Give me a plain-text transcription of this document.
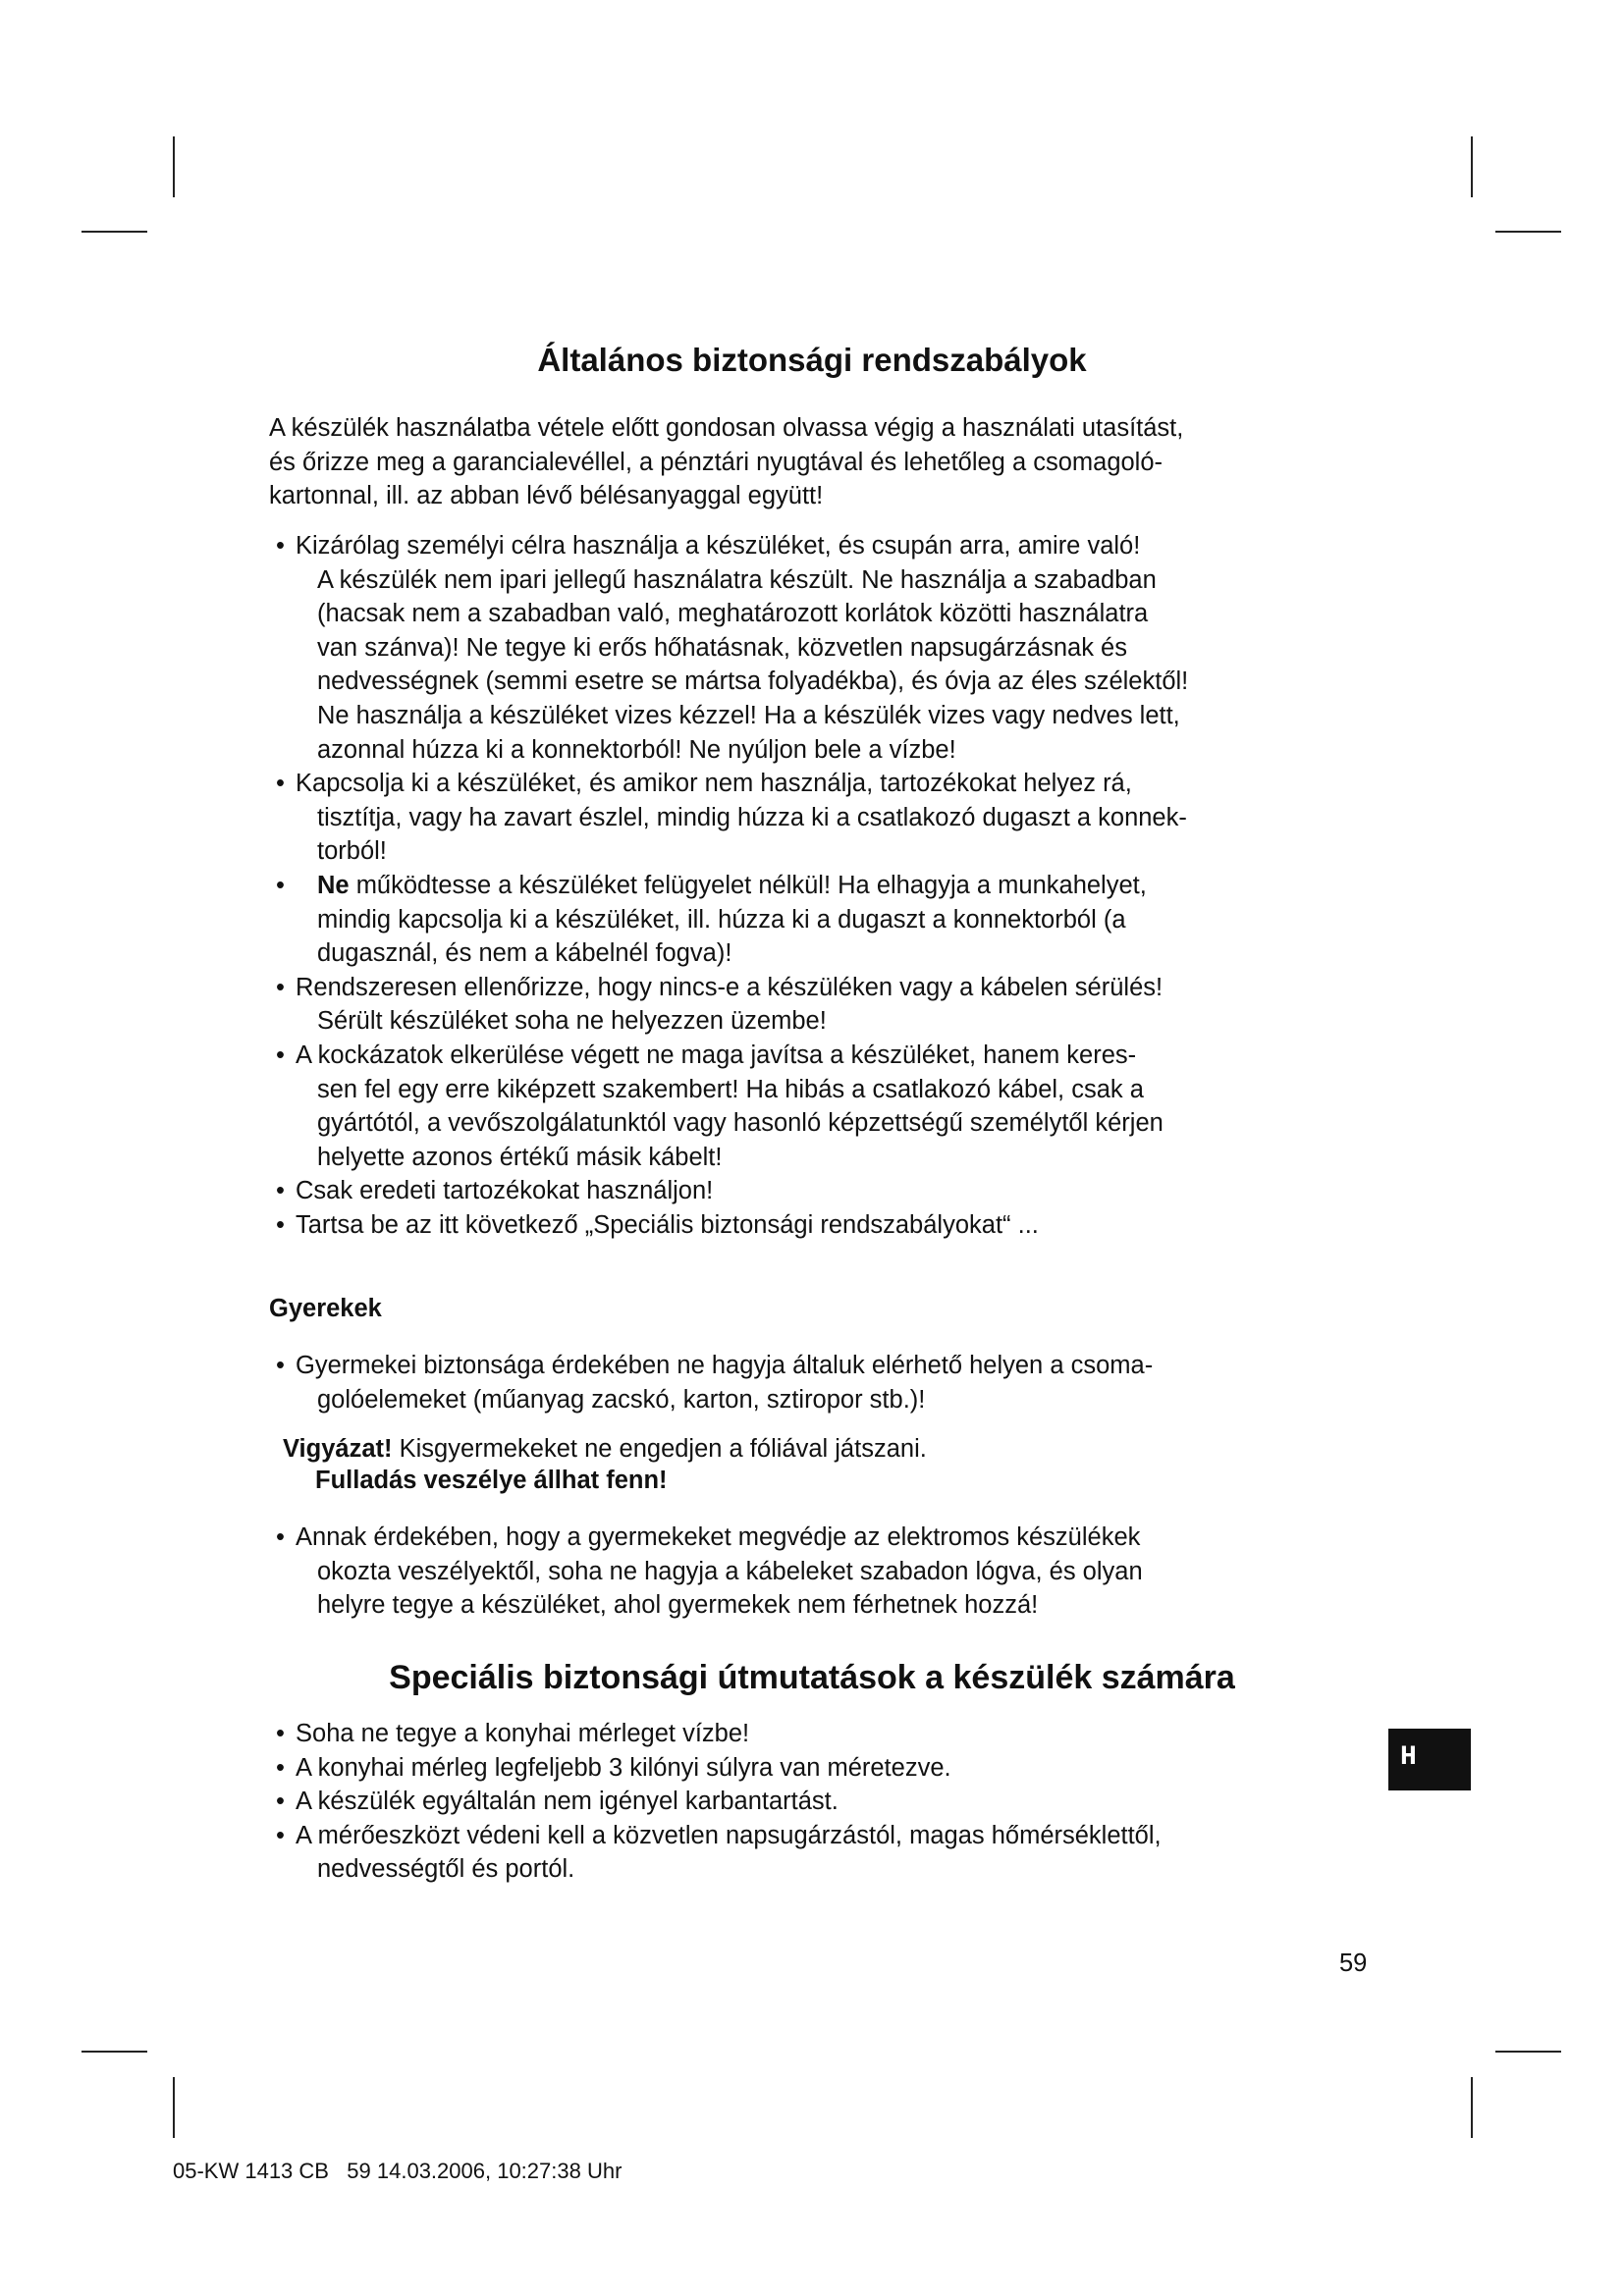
Általános biztonsági rendszabályok
A készülék használatba vétele előtt gondosan olvassa végig a használati utasítást,
és őrizze meg a garancialevéllel, a pénztári nyugtával és lehetőleg a csomagoló-
kartonnal, ill. az abban lévő bélésanyaggal együtt!
• Kizárólag személyi célra használja a készüléket, és csupán arra, amire való!
A készülék nem ipari jellegű használatra készült. Ne használja a szabadban
(hacsak nem a szabadban való, meghatározott korlátok közötti használatra
van szánva)! Ne tegye ki erős hőhatásnak, közvetlen napsugárzásnak és
nedvességnek (semmi esetre se mártsa folyadékba), és óvja az éles szélektől!
Ne használja a készüléket vizes kézzel! Ha a készülék vizes vagy nedves lett,
azonnal húzza ki a konnektorból! Ne nyúljon bele a vízbe!
• Kapcsolja ki a készüléket, és amikor nem használja, tartozékokat helyez rá,
tisztítja, vagy ha zavart észlel, mindig húzza ki a csatlakozó dugaszt a konnek-
torból!
• Ne működtesse a készüléket felügyelet nélkül! Ha elhagyja a munkahelyet,
mindig kapcsolja ki a készüléket, ill. húzza ki a dugaszt a konnektorból (a
dugasznál, és nem a kábelnél fogva)!
• Rendszeresen ellenőrizze, hogy nincs-e a készüléken vagy a kábelen sérülés!
Sérült készüléket soha ne helyezzen üzembe!
• A kockázatok elkerülése végett ne maga javítsa a készüléket, hanem keres-
sen fel egy erre kiképzett szakembert! Ha hibás a csatlakozó kábel, csak a
gyártótól, a vevőszolgálatunktól vagy hasonló képzettségű személytől kérjen
helyette azonos értékű másik kábelt!
• Csak eredeti tartozékokat használjon!
• Tartsa be az itt következő „Speciális biztonsági rendszabályokat“ ...
Gyerekek
• Gyermekei biztonsága érdekében ne hagyja általuk elérhető helyen a csoma-
golóelemeket (műanyag zacskó, karton, sztiropor stb.)!
Vigyázat! Kisgyermekeket ne engedjen a fóliával játszani.
Fulladás veszélye állhat fenn!
• Annak érdekében, hogy a gyermekeket megvédje az elektromos készülékek
okozta veszélyektől, soha ne hagyja a kábeleket szabadon lógva, és olyan
helyre tegye a készüléket, ahol gyermekek nem férhetnek hozzá!
Speciális biztonsági útmutatások a készülék számára
• Soha ne tegye a konyhai mérleget vízbe!
• A konyhai mérleg legfeljebb 3 kilónyi súlyra van méretezve.
• A készülék egyáltalán nem igényel karbantartást.
• A mérőeszközt védeni kell a közvetlen napsugárzástól, magas hőmérséklettől,
nedvességtől és portól.
H
59
05-KW 1413 CB   59 14.03.2006, 10:27:38 Uhr
